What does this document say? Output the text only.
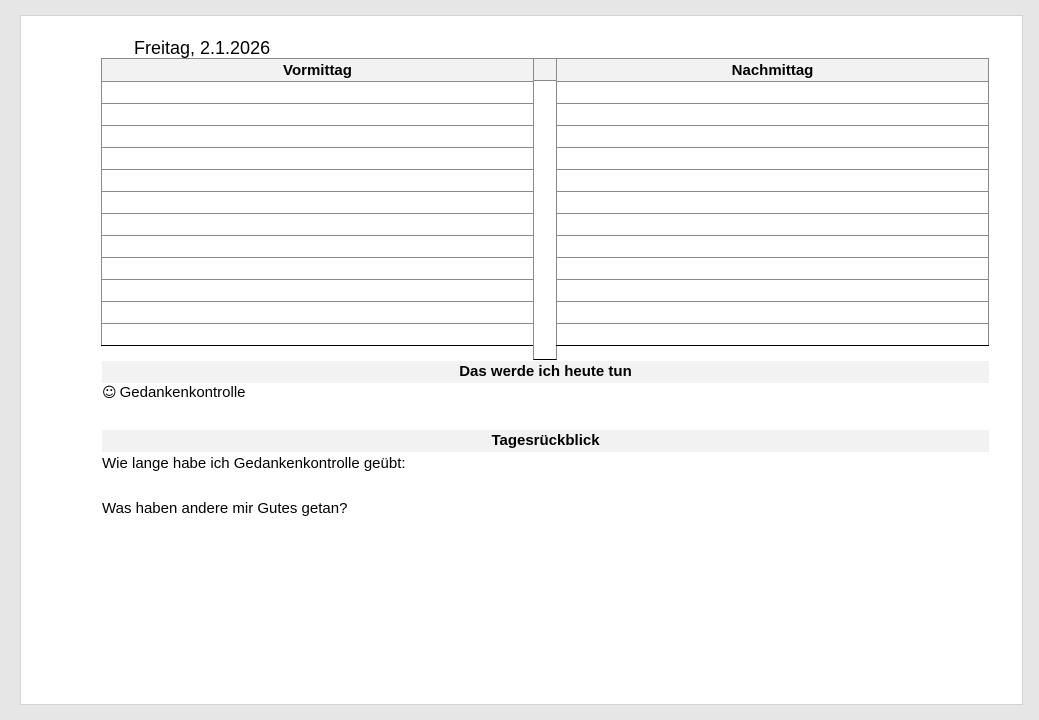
Freitag, 2.1.2026
Vormittag	Nachmittag

Das werde ich heute tun
☺ Gedankenkontrolle
Tagesrückblick
Wie lange habe ich Gedankenkontrolle geübt:
Was haben andere mir Gutes getan?
